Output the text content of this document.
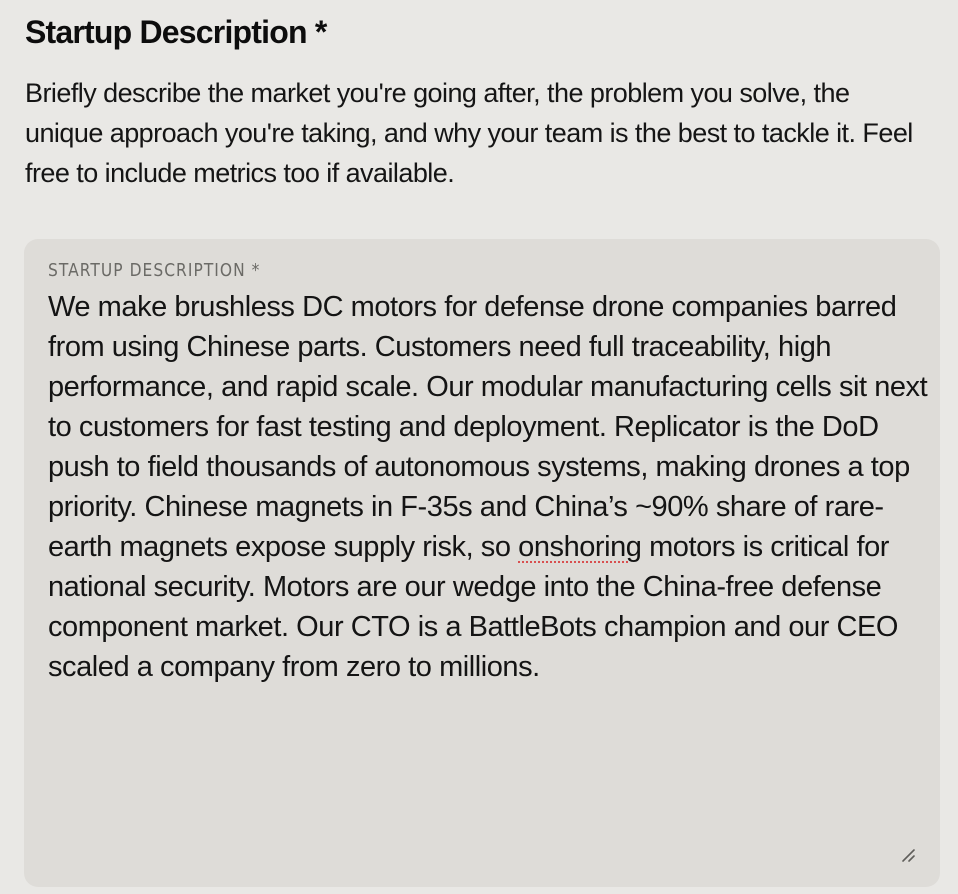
Startup Description *

Briefly describe the market you're going after, the problem you solve, the unique approach you're taking, and why your team is the best to tackle it. Feel free to include metrics too if available.

STARTUP DESCRIPTION *
We make brushless DC motors for defense drone companies barred from using Chinese parts. Customers need full traceability, high performance, and rapid scale. Our modular manufacturing cells sit next to customers for fast testing and deployment. Replicator is the DoD push to field thousands of autonomous systems, making drones a top priority. Chinese magnets in F-35s and China’s ~90% share of rare-earth magnets expose supply risk, so onshoring motors is critical for national security. Motors are our wedge into the China-free defense component market. Our CTO is a BattleBots champion and our CEO scaled a company from zero to millions.
